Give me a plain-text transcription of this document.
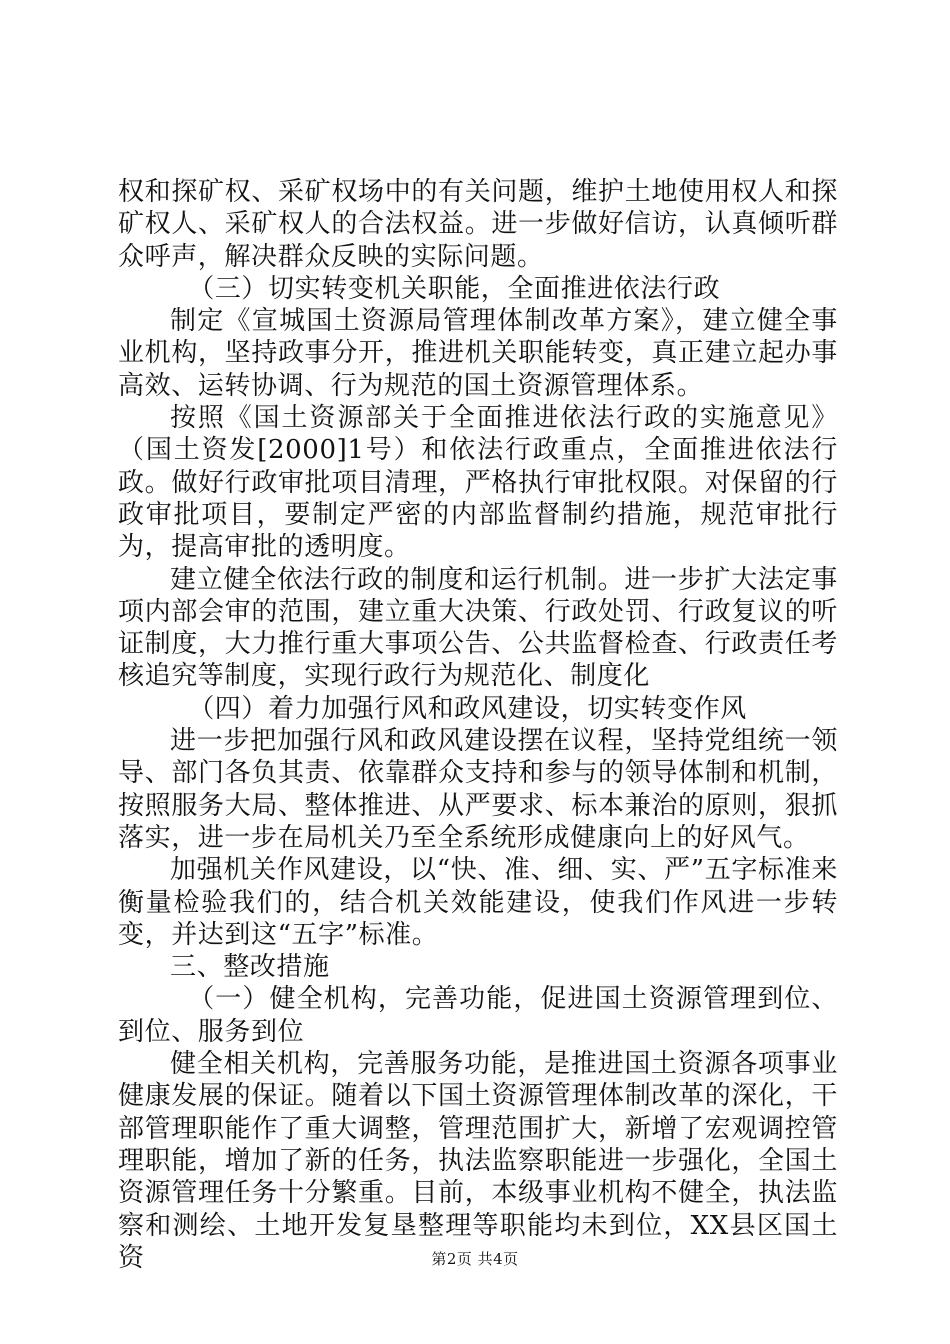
权和探矿权、采矿权场中的有关问题，维护土地使用权人和探矿权人、采矿权人的合法权益。进一步做好信访，认真倾听群众呼声，解决群众反映的实际问题。

（三）切实转变机关职能，全面推进依法行政

制定《宣城国土资源局管理体制改革方案》，建立健全事业机构，坚持政事分开，推进机关职能转变，真正建立起办事高效、运转协调、行为规范的国土资源管理体系。

按照《国土资源部关于全面推进依法行政的实施意见》（国土资发[2000]1号）和依法行政重点，全面推进依法行政。做好行政审批项目清理，严格执行审批权限。对保留的行政审批项目，要制定严密的内部监督制约措施，规范审批行为，提高审批的透明度。

建立健全依法行政的制度和运行机制。进一步扩大法定事项内部会审的范围，建立重大决策、行政处罚、行政复议的听证制度，大力推行重大事项公告、公共监督检查、行政责任考核追究等制度，实现行政行为规范化、制度化

（四）着力加强行风和政风建设，切实转变作风

进一步把加强行风和政风建设摆在议程，坚持党组统一领导、部门各负其责、依靠群众支持和参与的领导体制和机制，按照服务大局、整体推进、从严要求、标本兼治的原则，狠抓落实，进一步在局机关乃至全系统形成健康向上的好风气。

加强机关作风建设，以“快、准、细、实、严”五字标准来衡量检验我们的，结合机关效能建设，使我们作风进一步转变，并达到这“五字”标准。

三、整改措施

（一）健全机构，完善功能，促进国土资源管理到位、到位、服务到位

健全相关机构，完善服务功能，是推进国土资源各项事业健康发展的保证。随着以下国土资源管理体制改革的深化，干部管理职能作了重大调整，管理范围扩大，新增了宏观调控管理职能，增加了新的任务，执法监察职能进一步强化，全国土资源管理任务十分繁重。目前，本级事业机构不健全，执法监察和测绘、土地开发复垦整理等职能均未到位，XX县区国土资	第2页 共4页
